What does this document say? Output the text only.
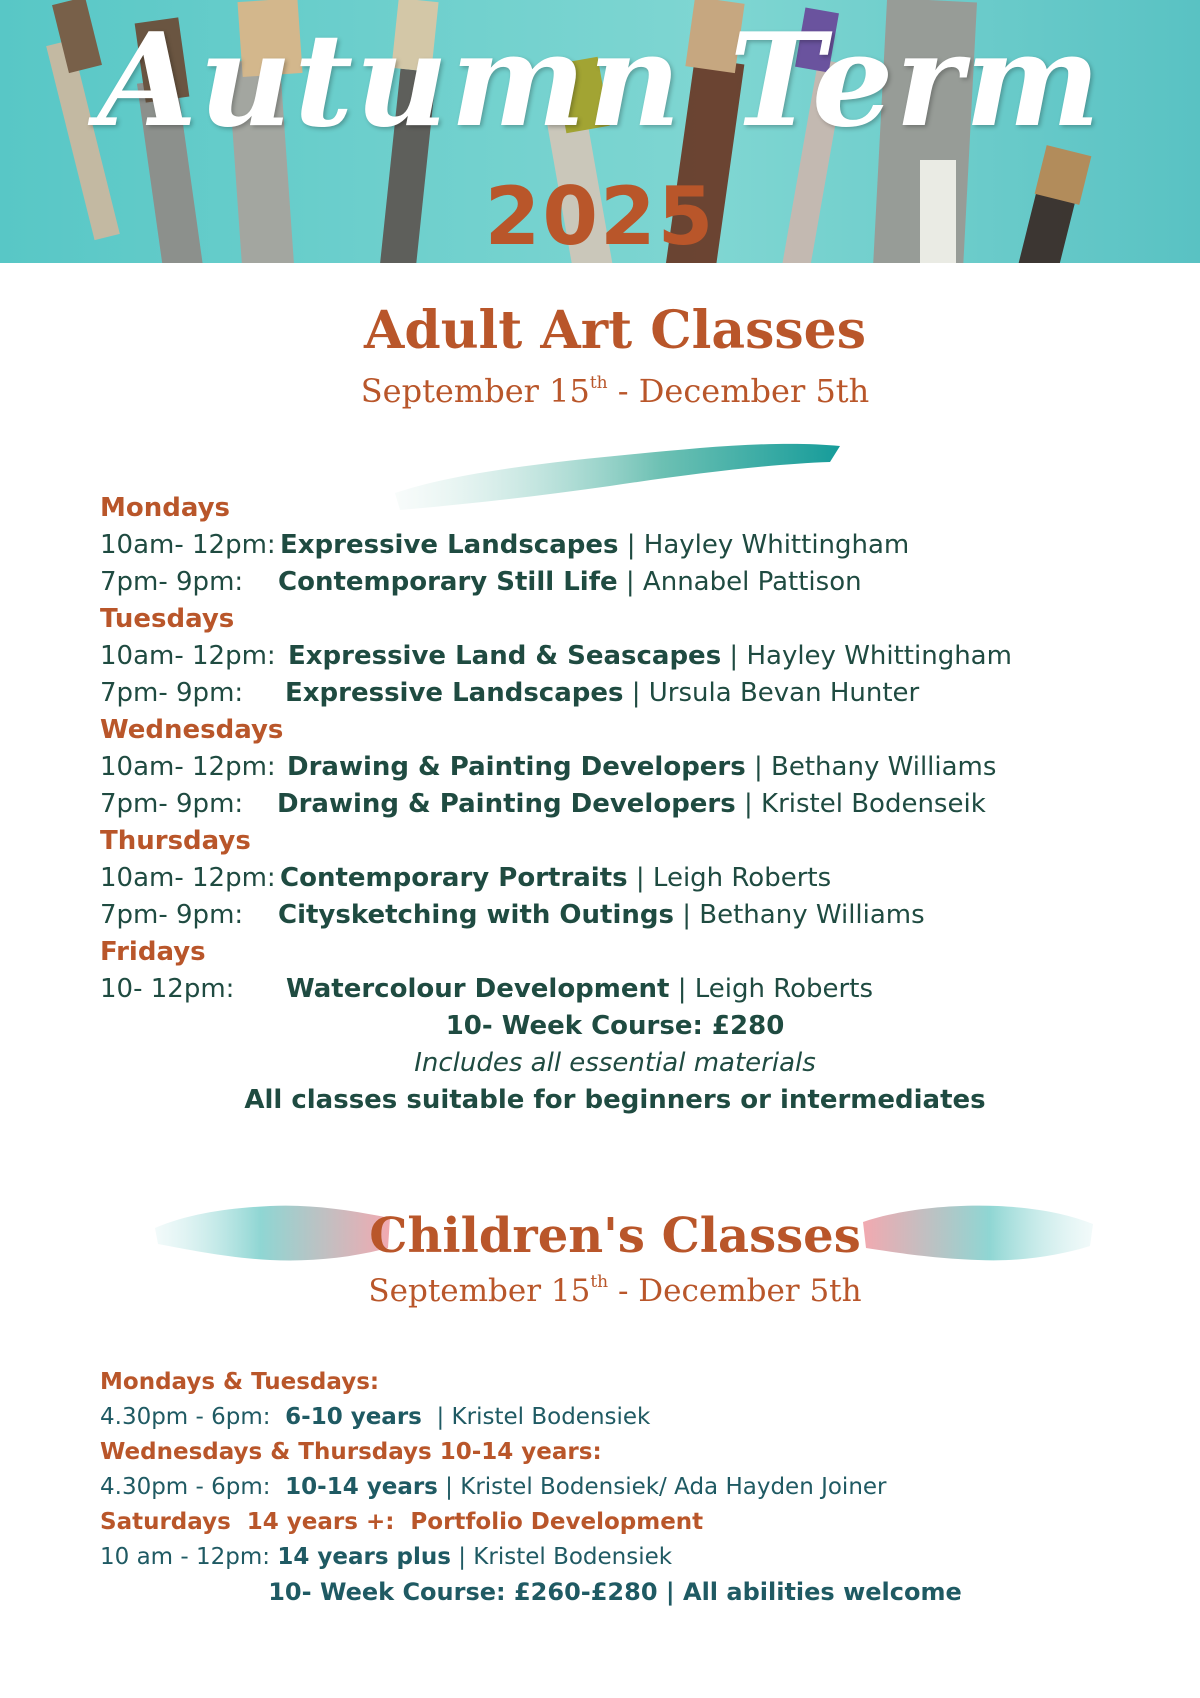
Autumn Term
2025
Adult Art Classes
September 15th - December 5th
Mondays
10am- 12pm: Expressive Landscapes | Hayley Whittingham
7pm- 9pm: Contemporary Still Life | Annabel Pattison
Tuesdays
10am- 12pm: Expressive Land & Seascapes | Hayley Whittingham
7pm- 9pm: Expressive Landscapes | Ursula Bevan Hunter
Wednesdays
10am- 12pm: Drawing & Painting Developers | Bethany Williams
7pm- 9pm: Drawing & Painting Developers | Kristel Bodenseik
Thursdays
10am- 12pm: Contemporary Portraits | Leigh Roberts
7pm- 9pm: Citysketching with Outings | Bethany Williams
Fridays
10- 12pm: Watercolour Development | Leigh Roberts
10- Week Course: £280
Includes all essential materials
All classes suitable for beginners or intermediates
Children's Classes
September 15th - December 5th
Mondays & Tuesdays:
4.30pm - 6pm:  6-10 years  | Kristel Bodensiek
Wednesdays & Thursdays 10-14 years:
4.30pm - 6pm:  10-14 years | Kristel Bodensiek/ Ada Hayden Joiner
Saturdays  14 years +:  Portfolio Development
10 am - 12pm: 14 years plus | Kristel Bodensiek
10- Week Course: £260-£280 | All abilities welcome
